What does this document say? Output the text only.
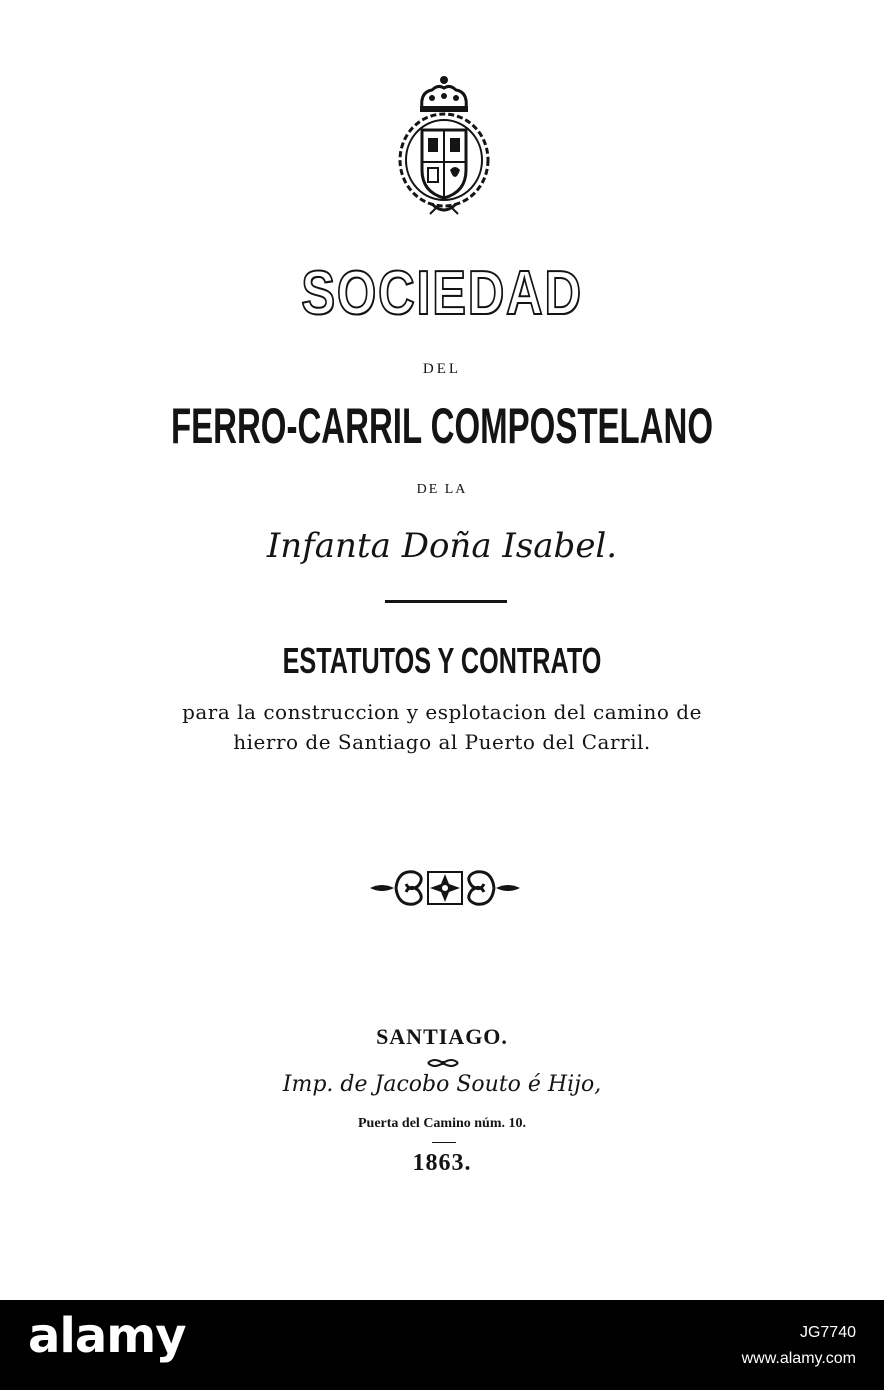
SOCIEDAD
DEL
FERRO-CARRIL COMPOSTELANO
DE LA
Infanta Doña Isabel.
ESTATUTOS Y CONTRATO
para la construccion y esplotacion del camino de
hierro de Santiago al Puerto del Carril.
SANTIAGO.
Imp. de Jacobo Souto é Hijo,
Puerta del Camino núm. 10.
1863.
alamy	JG7740
www.alamy.com
